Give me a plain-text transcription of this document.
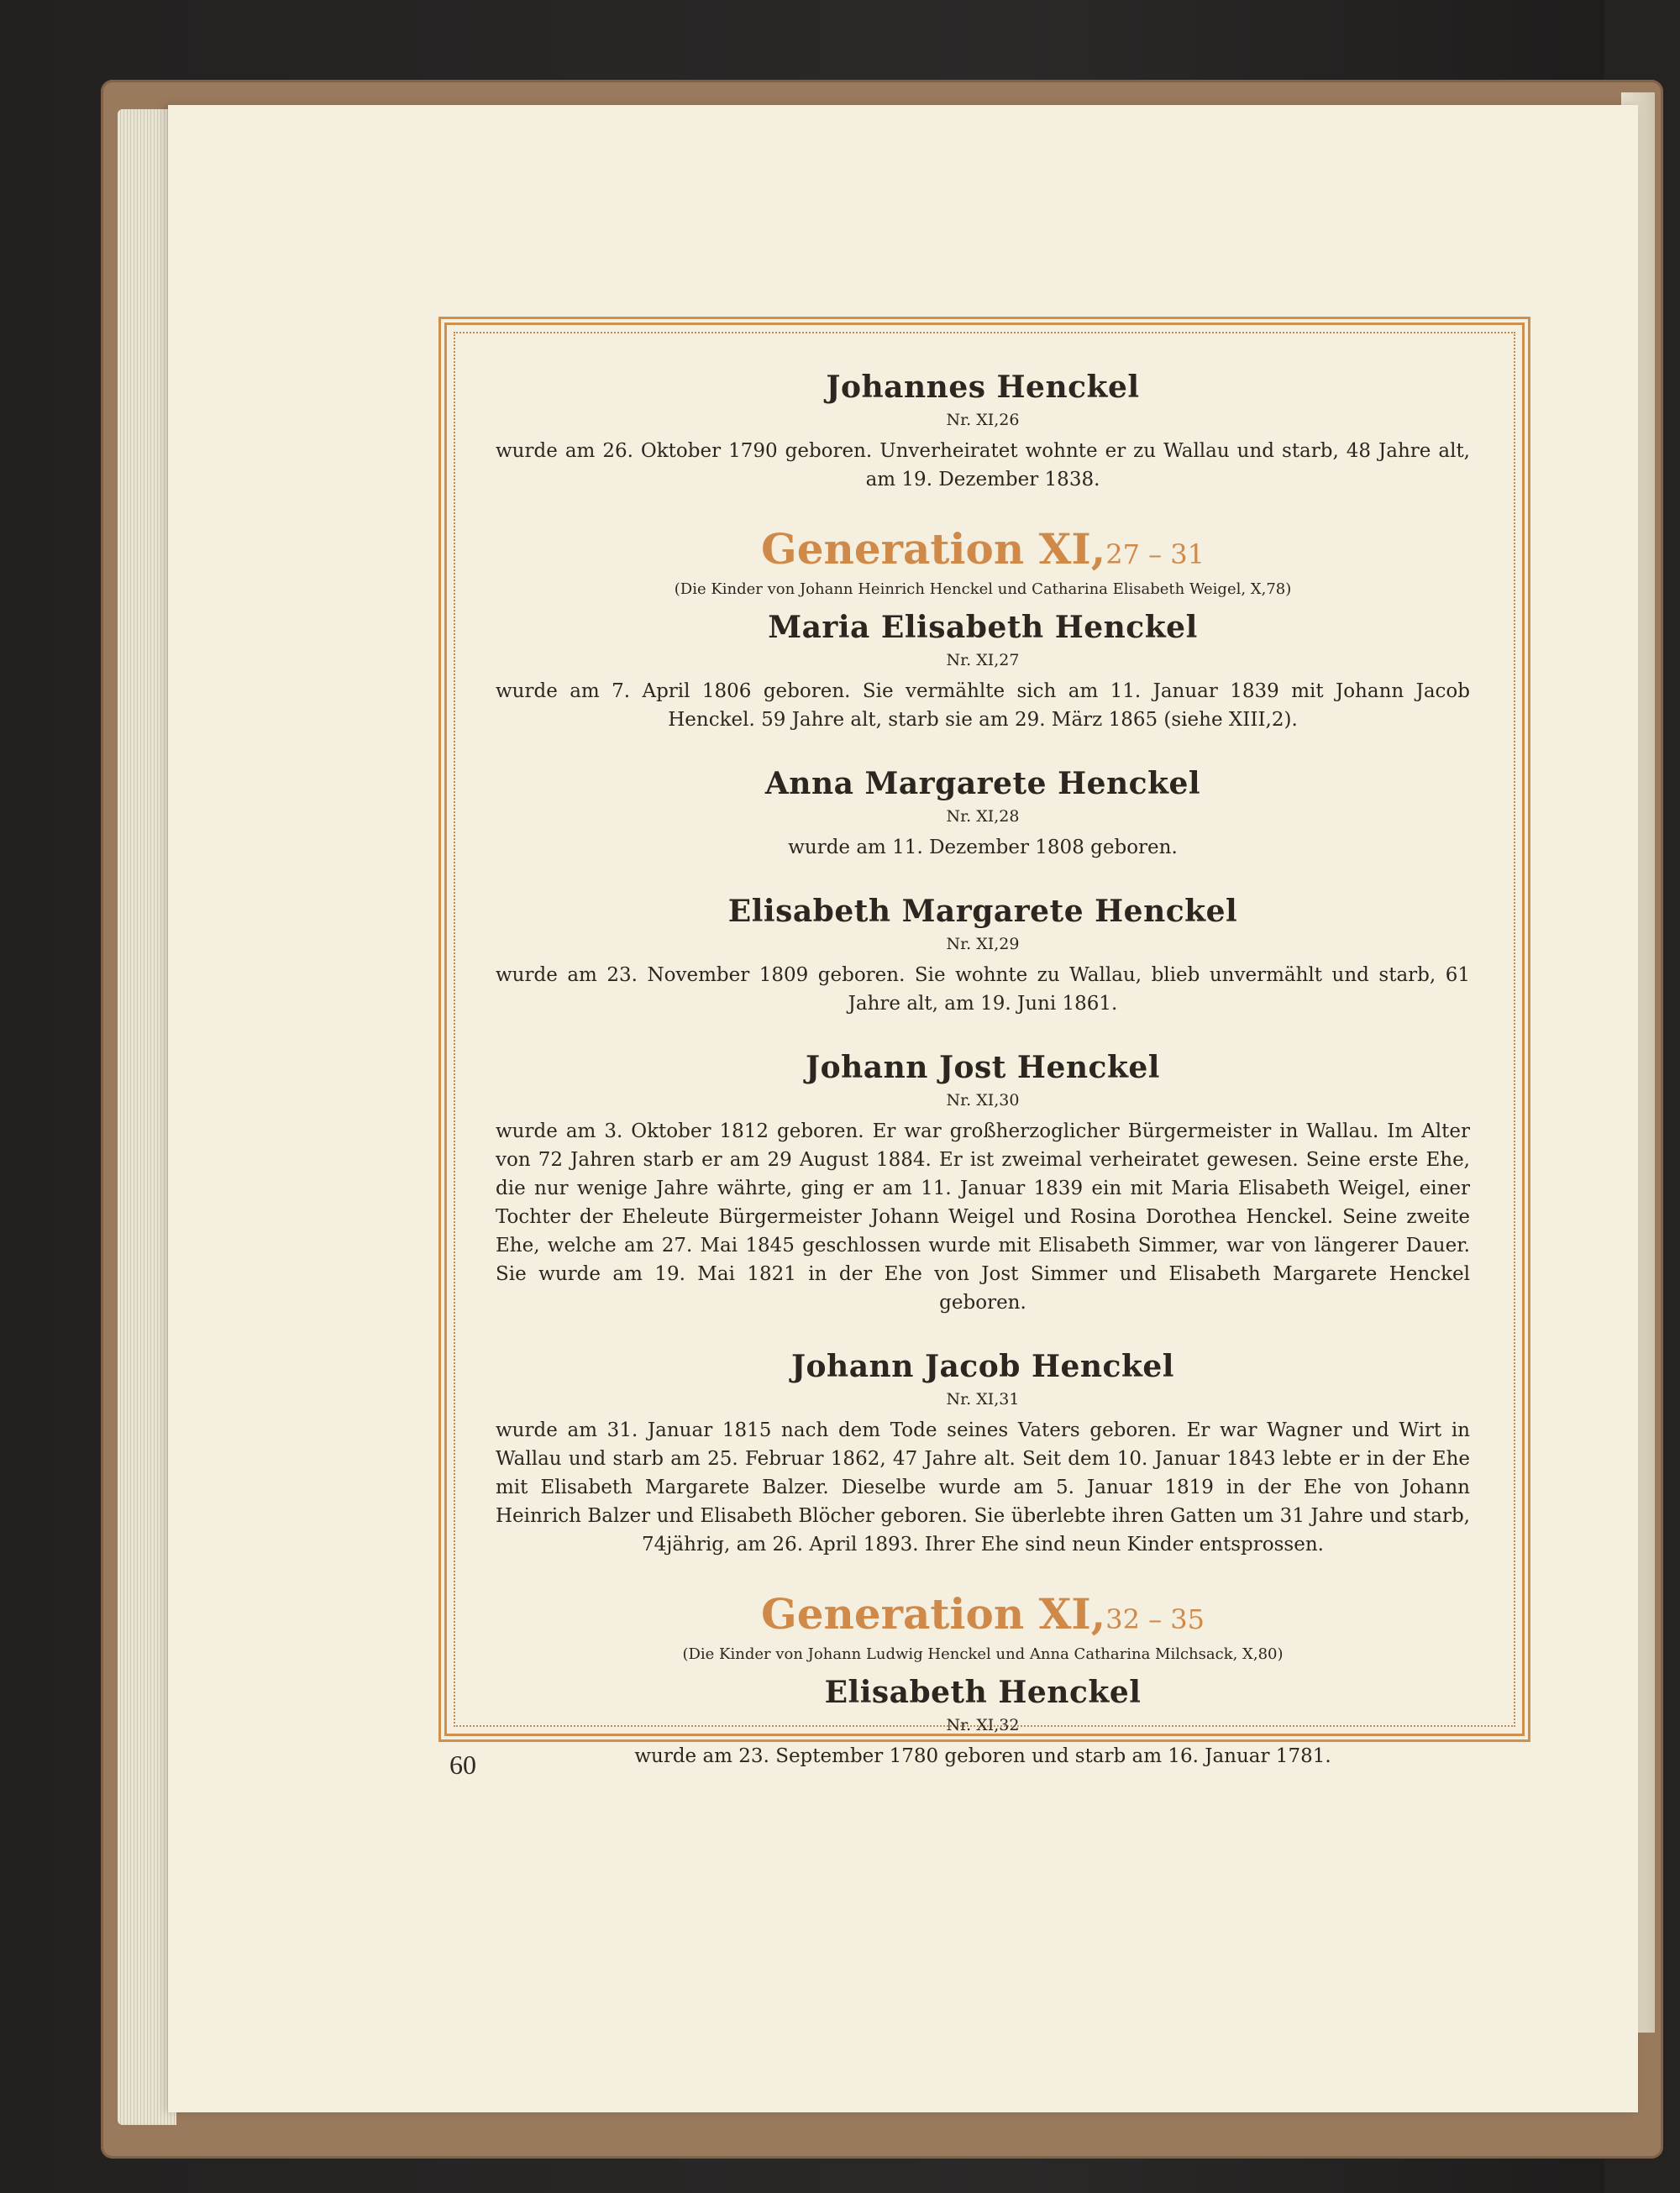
Johannes Henckel
Nr. XI,26

wurde am 26. Oktober 1790 geboren. Unverheiratet wohnte er zu Wallau und starb, 48 Jahre alt, am 19. Dezember 1838.

Generation XI,27 – 31
(Die Kinder von Johann Heinrich Henckel und Catharina Elisabeth Weigel, X,78)
Maria Elisabeth Henckel
Nr. XI,27

wurde am 7. April 1806 geboren. Sie vermählte sich am 11. Januar 1839 mit Johann Jacob Henckel. 59 Jahre alt, starb sie am 29. März 1865 (siehe XIII,2).

Anna Margarete Henckel
Nr. XI,28

wurde am 11. Dezember 1808 geboren.

Elisabeth Margarete Henckel
Nr. XI,29

wurde am 23. November 1809 geboren. Sie wohnte zu Wallau, blieb unvermählt und starb, 61 Jahre alt, am 19. Juni 1861.

Johann Jost Henckel
Nr. XI,30

wurde am 3. Oktober 1812 geboren. Er war großherzoglicher Bürgermeister in Wallau. Im Alter von 72 Jahren starb er am 29 August 1884. Er ist zweimal verheiratet gewesen. Seine erste Ehe, die nur wenige Jahre währte, ging er am 11. Januar 1839 ein mit Maria Elisabeth Weigel, einer Tochter der Eheleute Bürgermeister Johann Weigel und Rosina Dorothea Henckel. Seine zweite Ehe, welche am 27. Mai 1845 geschlossen wurde mit Elisabeth Simmer, war von längerer Dauer. Sie wurde am 19. Mai 1821 in der Ehe von Jost Simmer und Elisabeth Margarete Henckel geboren.

Johann Jacob Henckel
Nr. XI,31

wurde am 31. Januar 1815 nach dem Tode seines Vaters geboren. Er war Wagner und Wirt in Wallau und starb am 25. Februar 1862, 47 Jahre alt. Seit dem 10. Januar 1843 lebte er in der Ehe mit Elisabeth Margarete Balzer. Dieselbe wurde am 5. Januar 1819 in der Ehe von Johann Heinrich Balzer und Elisabeth Blöcher geboren. Sie überlebte ihren Gatten um 31 Jahre und starb, 74jährig, am 26. April 1893. Ihrer Ehe sind neun Kinder entsprossen.

Generation XI,32 – 35
(Die Kinder von Johann Ludwig Henckel und Anna Catharina Milchsack, X,80)
Elisabeth Henckel
Nr. XI,32

wurde am 23. September 1780 geboren und starb am 16. Januar 1781.

60
